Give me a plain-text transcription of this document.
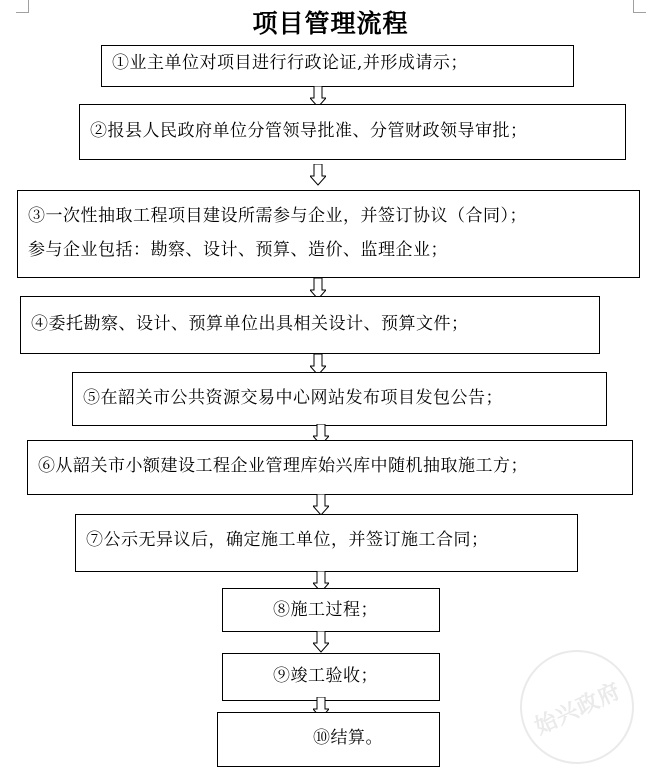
项目管理流程
①业主单位对项目进行行政论证,并形成请示；
②报县人民政府单位分管领导批准、分管财政领导审批；
③一次性抽取工程项目建设所需参与企业，并签订协议（合同）；
参与企业包括：勘察、设计、预算、造价、监理企业；
④委托勘察、设计、预算单位出具相关设计、预算文件；
⑤在韶关市公共资源交易中心网站发布项目发包公告；
⑥从韶关市小额建设工程企业管理库始兴库中随机抽取施工方；
⑦公示无异议后，确定施工单位，并签订施工合同；
⑧施工过程；
⑨竣工验收；
⑩结算。	始兴政府
